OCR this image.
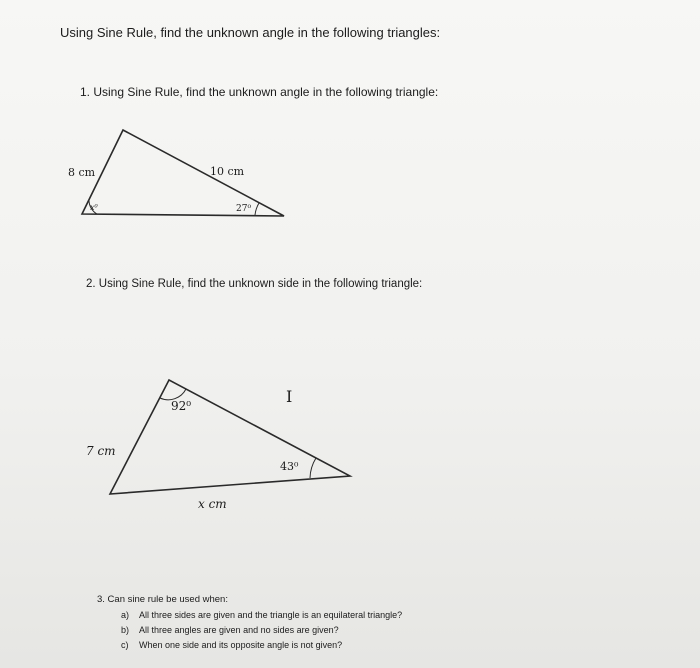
Using Sine Rule, find the unknown angle in the following triangles:
1. Using Sine Rule, find the unknown angle in the following triangle:
8 cm	10 cm
x⁰	27⁰
92⁰
7 cm
43⁰
x cm
I
2. Using Sine Rule, find the unknown side in the following triangle:
3. Can sine rule be used when:
a) All three sides are given and the triangle is an equilateral triangle?
b) All three angles are given and no sides are given?
c) When one side and its opposite angle is not given?
